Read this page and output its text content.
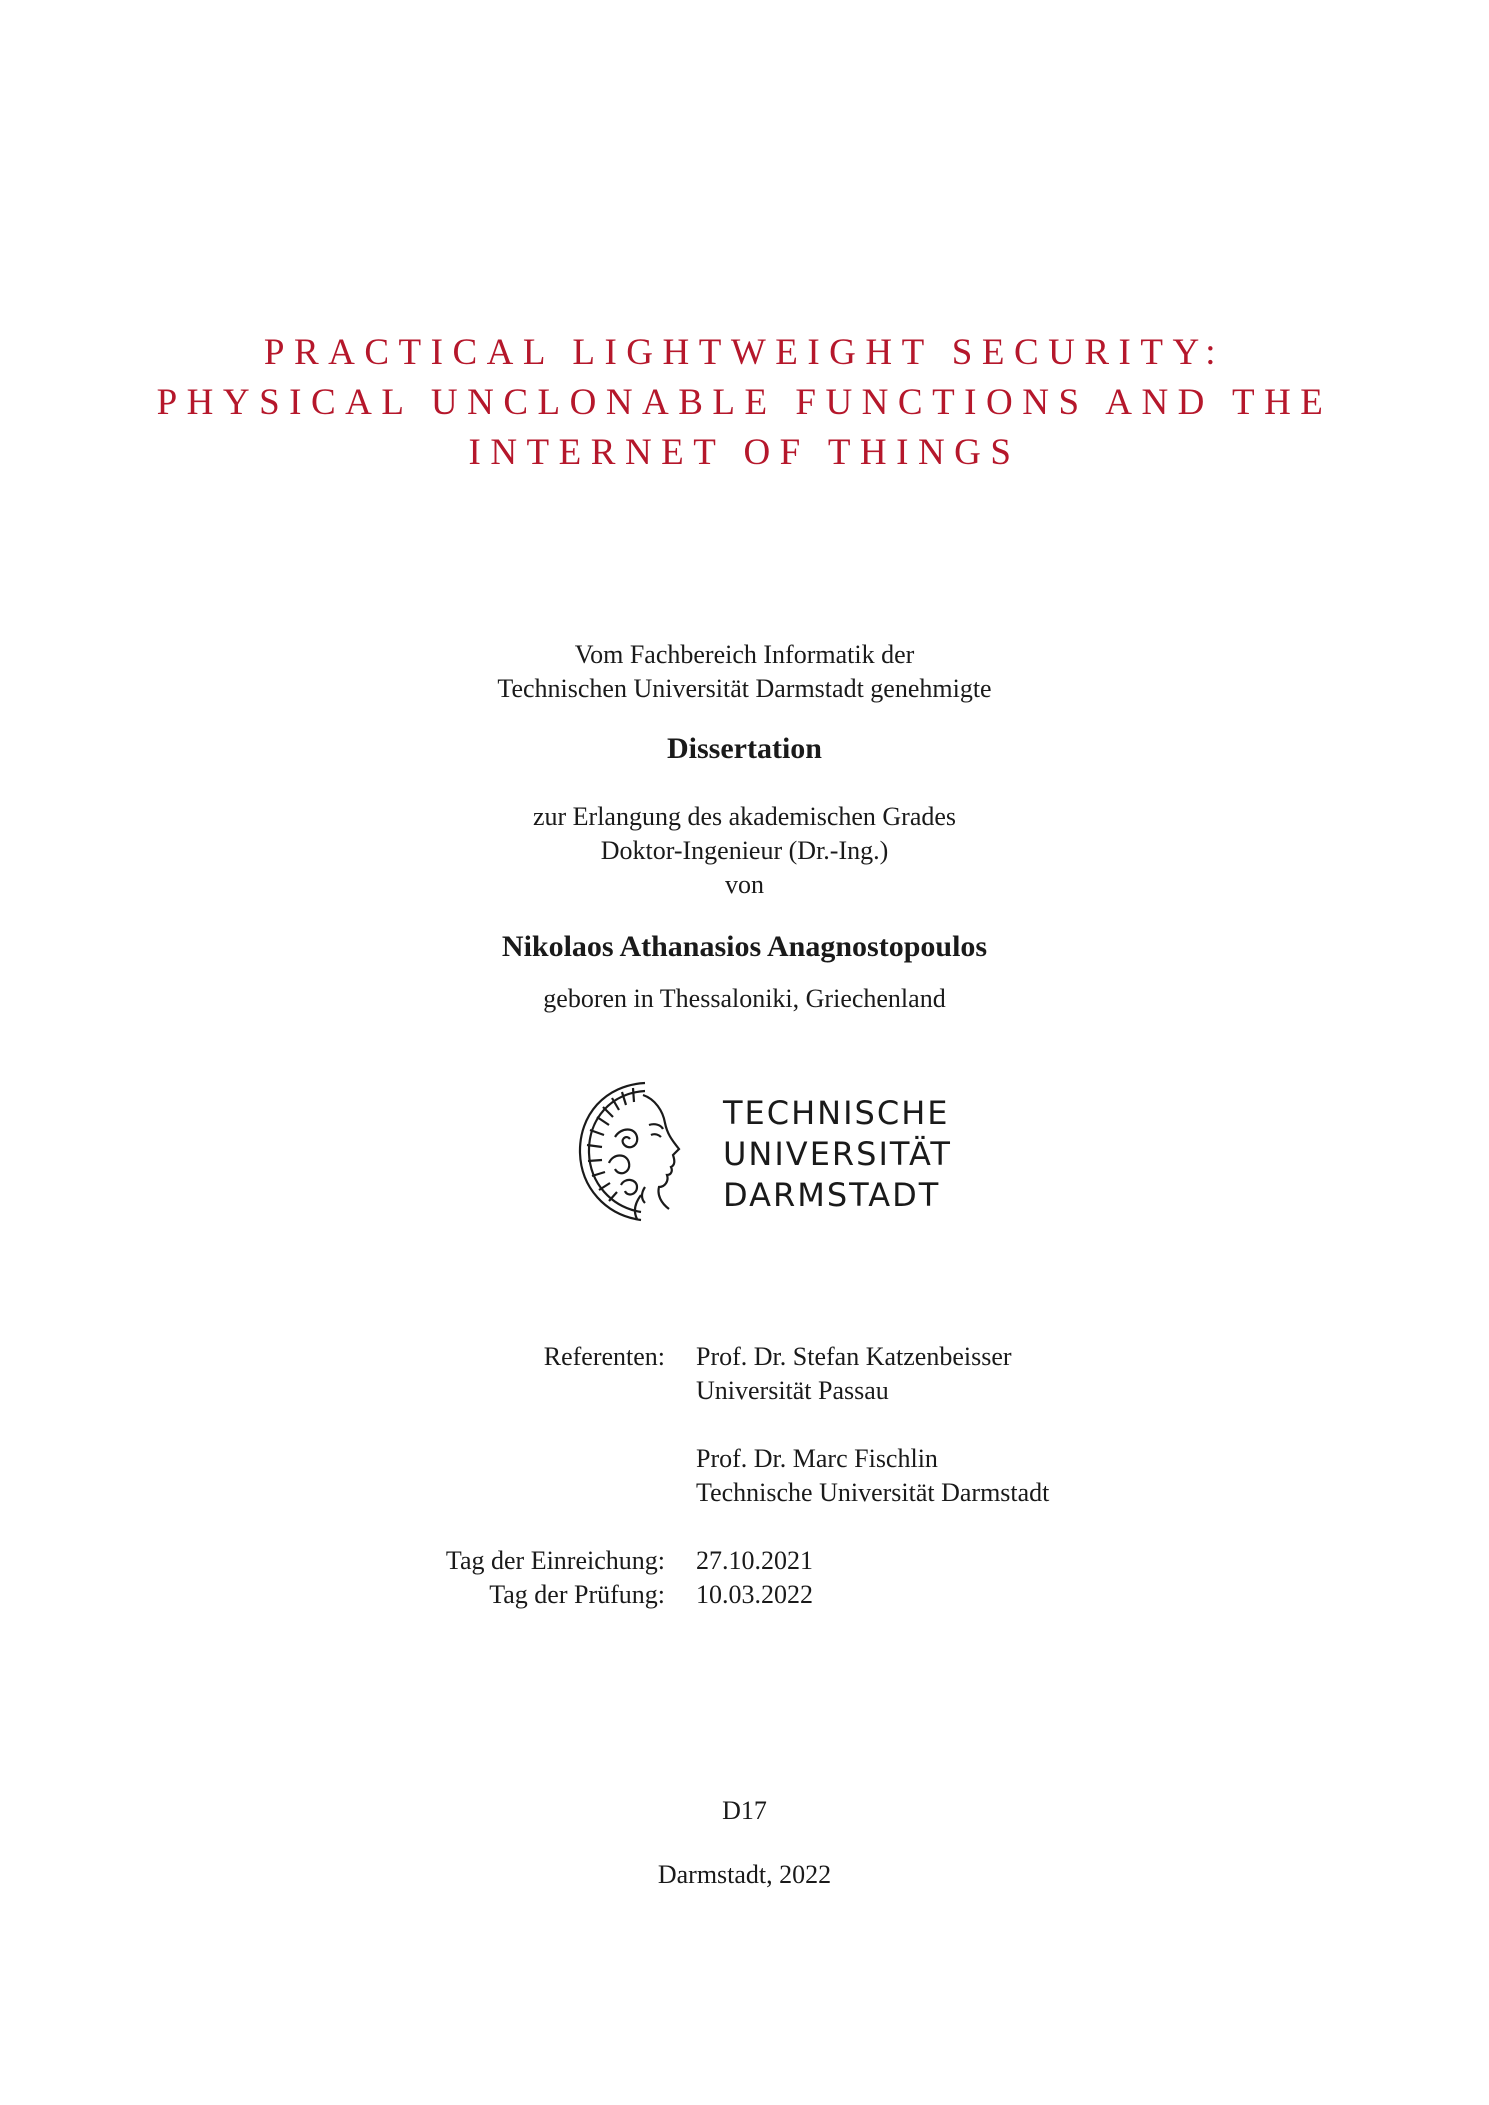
PRACTICAL LIGHTWEIGHT SECURITY:
PHYSICAL UNCLONABLE FUNCTIONS AND THE
INTERNET OF THINGS
Vom Fachbereich Informatik der
Technischen Universität Darmstadt genehmigte
Dissertation
zur Erlangung des akademischen Grades
Doktor-Ingenieur (Dr.-Ing.)
von
Nikolaos Athanasios Anagnostopoulos
geboren in Thessaloniki, Griechenland
TECHNISCHE
UNIVERSITÄT
DARMSTADT
Referenten: Prof. Dr. Stefan Katzenbeisser
Universität Passau
Prof. Dr. Marc Fischlin
Technische Universität Darmstadt
Tag der Einreichung: 27.10.2021
Tag der Prüfung: 10.03.2022
D17
Darmstadt, 2022
